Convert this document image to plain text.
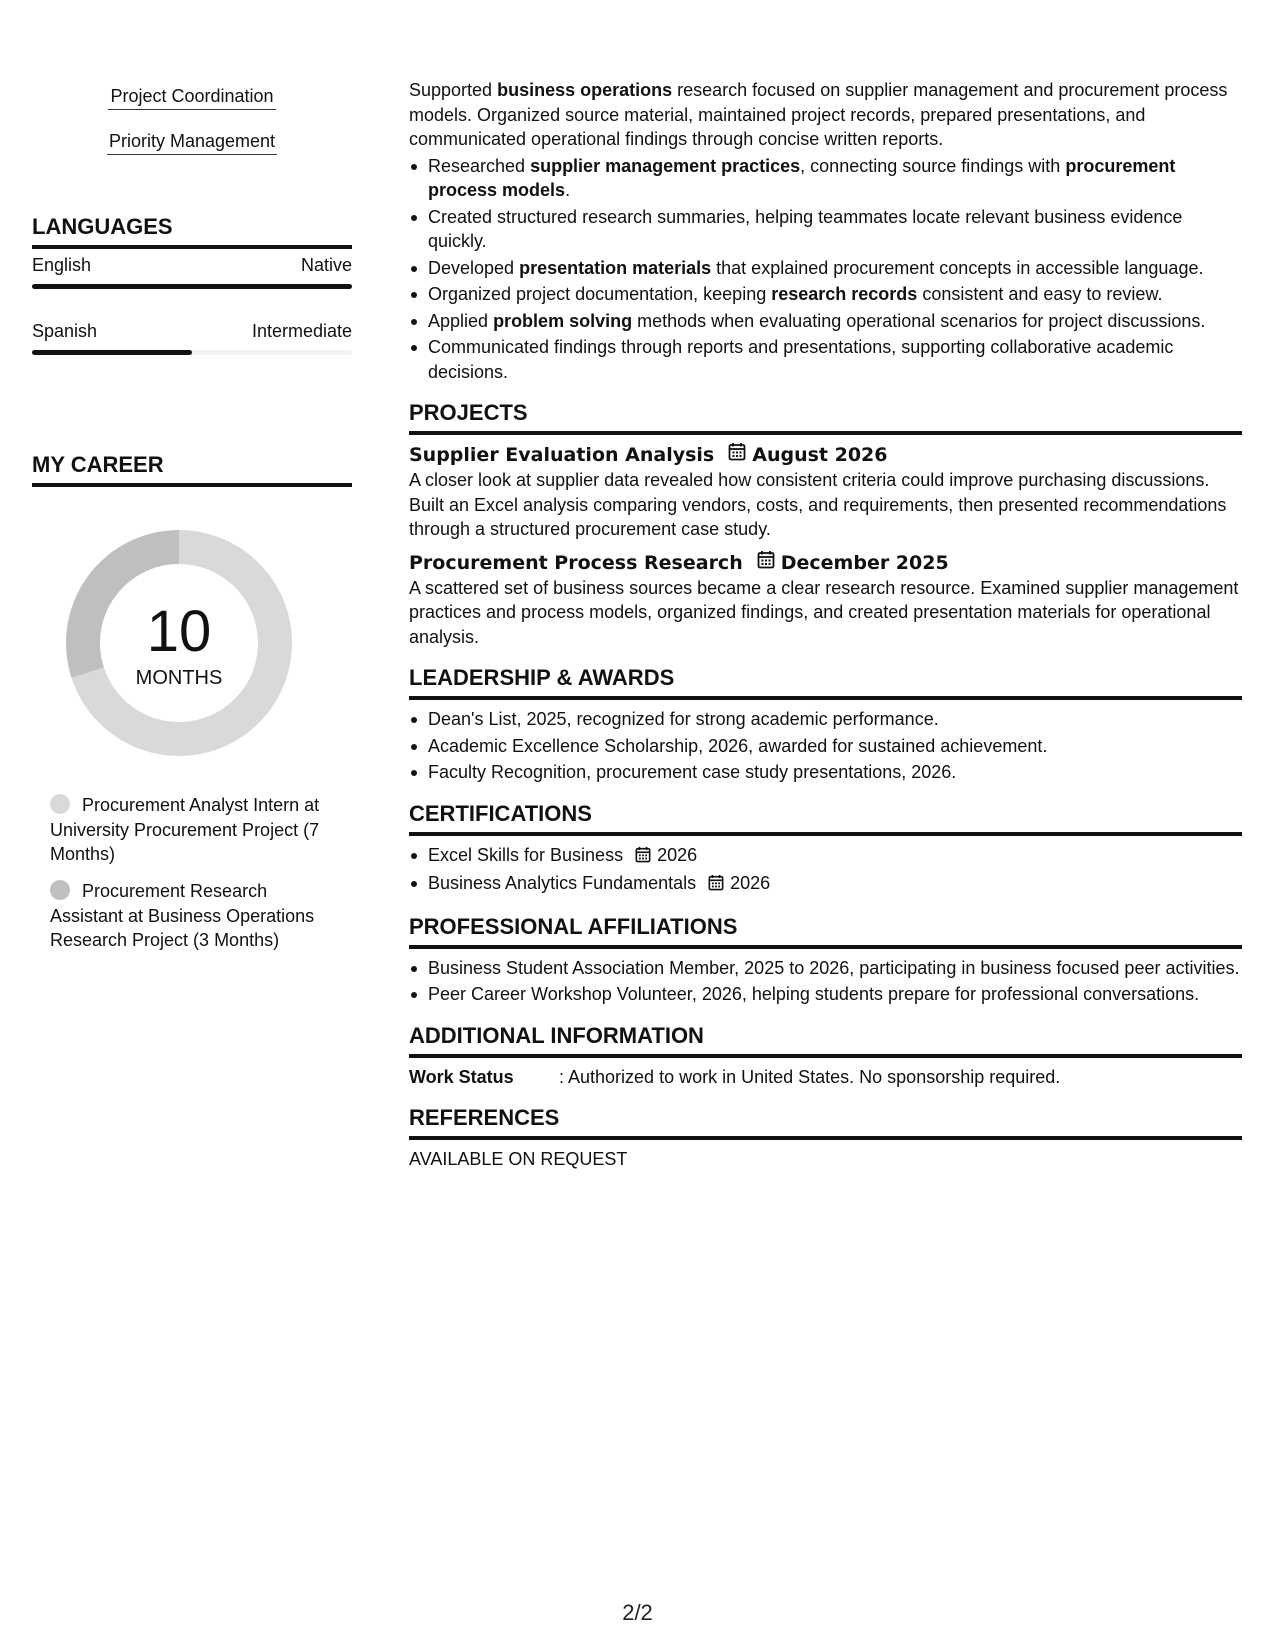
Project Coordination
Priority Management
LANGUAGES
English	Native
Spanish	Intermediate
MY CAREER
10
MONTHS
Procurement Analyst Intern at University Procurement Project (7 Months)
Procurement Research Assistant at Business Operations Research Project (3 Months)

Supported business operations research focused on supplier management and procurement process models. Organized source material, maintained project records, prepared presentations, and communicated operational findings through concise written reports.

Researched supplier management practices, connecting source findings with procurement process models.
Created structured research summaries, helping teammates locate relevant business evidence quickly.
Developed presentation materials that explained procurement concepts in accessible language.
Organized project documentation, keeping research records consistent and easy to review.
Applied problem solving methods when evaluating operational scenarios for project discussions.
Communicated findings through reports and presentations, supporting collaborative academic decisions.
PROJECTS
Supplier Evaluation Analysis August 2026

A closer look at supplier data revealed how consistent criteria could improve purchasing discussions. Built an Excel analysis comparing vendors, costs, and requirements, then presented recommendations through a structured procurement case study.

Procurement Process Research December 2025

A scattered set of business sources became a clear research resource. Examined supplier management practices and process models, organized findings, and created presentation materials for operational analysis.

LEADERSHIP & AWARDS
Dean's List, 2025, recognized for strong academic performance.
Academic Excellence Scholarship, 2026, awarded for sustained achievement.
Faculty Recognition, procurement case study presentations, 2026.
CERTIFICATIONS
Excel Skills for Business 2026
Business Analytics Fundamentals 2026
PROFESSIONAL AFFILIATIONS
Business Student Association Member, 2025 to 2026, participating in business focused peer activities.
Peer Career Workshop Volunteer, 2026, helping students prepare for professional conversations.
ADDITIONAL INFORMATION

Work Status	: Authorized to work in United States. No sponsorship required.

REFERENCES

AVAILABLE ON REQUEST

2/2
